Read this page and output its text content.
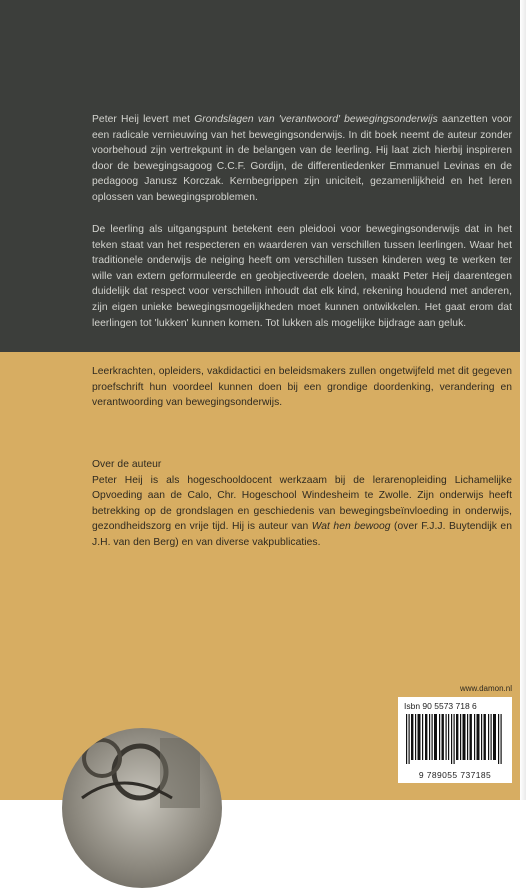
Peter Heij levert met Grondslagen van 'verantwoord' bewegingsonderwijs aanzetten voor een radicale vernieuwing van het bewegingsonderwijs. In dit boek neemt de auteur zonder voorbehoud zijn vertrekpunt in de belangen van de leerling. Hij laat zich hierbij inspireren door de bewegingsagoog C.C.F. Gordijn, de differentiedenker Emmanuel Levinas en de pedagoog Janusz Korczak. Kernbegrippen zijn uniciteit, gezamenlijkheid en het leren oplossen van bewegingsproblemen.
De leerling als uitgangspunt betekent een pleidooi voor bewegingsonderwijs dat in het teken staat van het respecteren en waarderen van verschillen tussen leerlingen. Waar het traditionele onderwijs de neiging heeft om verschillen tussen kinderen weg te werken ter wille van extern geformuleerde en geobjectiveerde doelen, maakt Peter Heij daarentegen duidelijk dat respect voor verschillen inhoudt dat elk kind, rekening houdend met anderen, zijn eigen unieke bewegingsmogelijkheden moet kunnen ontwikkelen. Het gaat erom dat leerlingen tot 'lukken' kunnen komen. Tot lukken als mogelijke bijdrage aan geluk.
Leerkrachten, opleiders, vakdidactici en beleidsmakers zullen ongetwijfeld met dit gegeven proefschrift hun voordeel kunnen doen bij een grondige doordenking, verandering en verantwoording van bewegingsonderwijs.
Over de auteur
Peter Heij is als hogeschooldocent werkzaam bij de lerarenopleiding Lichamelijke Opvoeding aan de Calo, Chr. Hogeschool Windesheim te Zwolle. Zijn onderwijs heeft betrekking op de grondslagen en geschiedenis van bewegingsbeïnvloeding in onderwijs, gezondheidszorg en vrije tijd. Hij is auteur van Wat hen bewoog (over F.J.J. Buytendijk en J.H. van den Berg) en van diverse vakpublicaties.
www.damon.nl
Isbn 90 5573 718 6
9 789055 737185
